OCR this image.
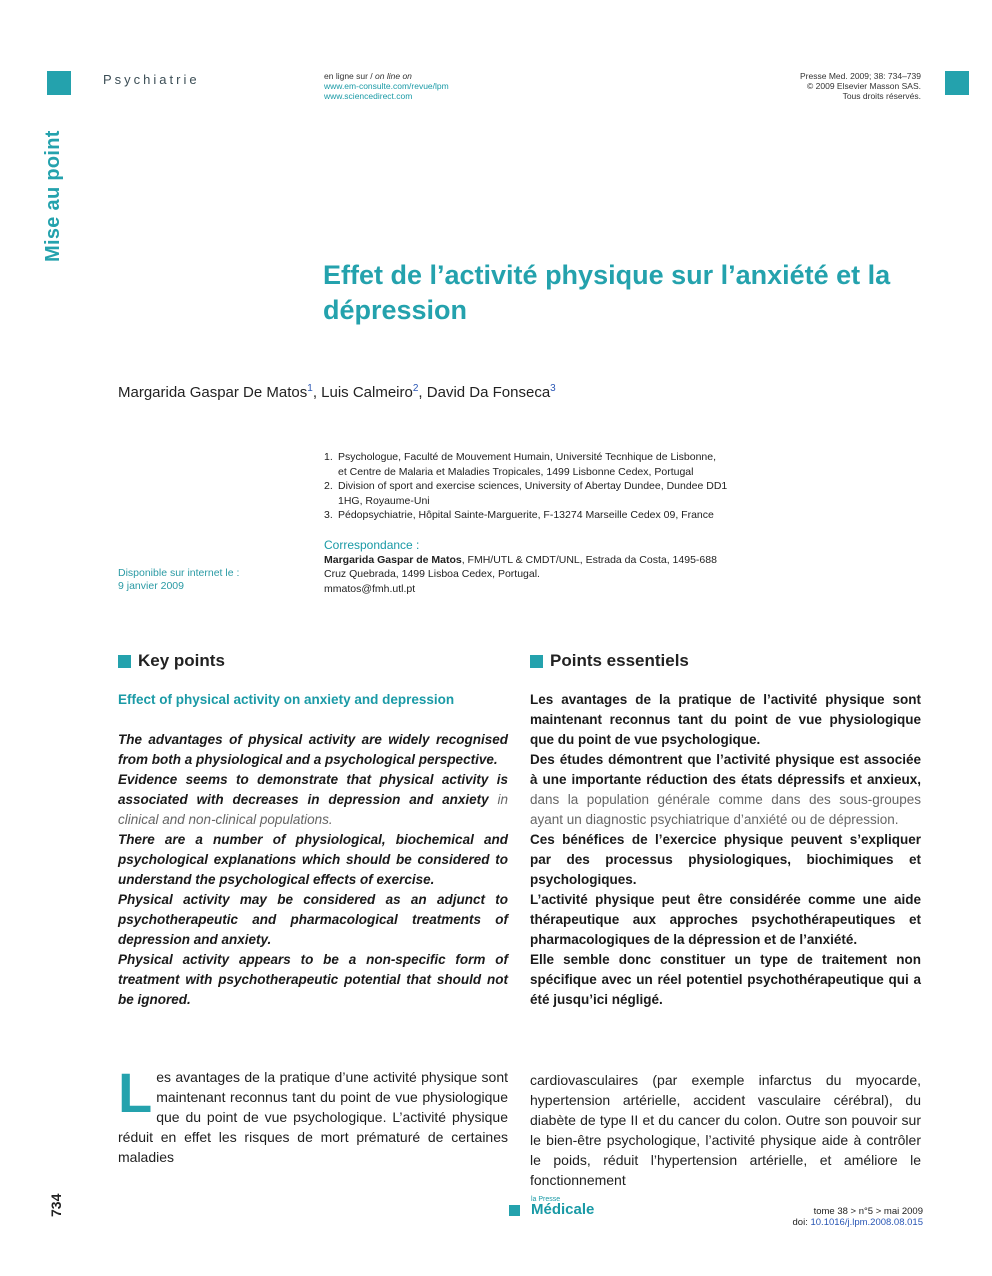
Psychiatrie	en ligne sur / on line on
www.em-consulte.com/revue/lpm
www.sciencedirect.com
Presse Med. 2009; 38: 734–739
© 2009 Elsevier Masson SAS.
Tous droits réservés.
Mise au point
Effet de l’activité physique sur l’anxiété et la dépression
Margarida Gaspar De Matos$^1$, Luis Calmeiro$^2$, David Da Fonseca$^3$
1. Psychologue, Faculté de Mouvement Humain, Université Tecnhique de Lisbonne,
et Centre de Malaria et Maladies Tropicales, 1499 Lisbonne Cedex, Portugal
2. Division of sport and exercise sciences, University of Abertay Dundee, Dundee DD1
1HG, Royaume-Uni
3. Pédopsychiatrie, Hôpital Sainte-Marguerite, F-13274 Marseille Cedex 09, France
Correspondance :
Margarida Gaspar de Matos, FMH/UTL & CMDT/UNL, Estrada da Costa, 1495-688
Cruz Quebrada, 1499 Lisboa Cedex, Portugal.
mmatos@fmh.utl.pt
Disponible sur internet le :
9 janvier 2009
Key points
Effect of physical activity on anxiety and depression

The advantages of physical activity are widely recognised from both a physiological and a psychological perspective.

Evidence seems to demonstrate that physical activity is associated with decreases in depression and anxiety in clinical and non-clinical populations.

There are a number of physiological, biochemical and psychological explanations which should be considered to understand the psychological effects of exercise.

Physical activity may be considered as an adjunct to psychotherapeutic and pharmacological treatments of depression and anxiety.

Physical activity appears to be a non-specific form of treatment with psychotherapeutic potential that should not be ignored.

Points essentiels

Les avantages de la pratique de l’activité physique sont maintenant reconnus tant du point de vue physiologique que du point de vue psychologique.

Des études démontrent que l’activité physique est associée à une importante réduction des états dépressifs et anxieux, dans la population générale comme dans des sous-groupes ayant un diagnostic psychiatrique d’anxiété ou de dépression.

Ces bénéfices de l’exercice physique peuvent s’expliquer par des processus physiologiques, biochimiques et psychologiques.

L’activité physique peut être considérée comme une aide thérapeutique aux approches psychothérapeutiques et pharmacologiques de la dépression et de l’anxiété.

Elle semble donc constituer un type de traitement non spécifique avec un réel potentiel psychothérapeutique qui a été jusqu’ici négligé.

Les avantages de la pratique d’une activité physique sont maintenant reconnus tant du point de vue physiologique que du point de vue psychologique. L’activité physique réduit en effet les risques de mort prématuré de certaines maladies
cardiovasculaires (par exemple infarctus du myocarde, hypertension artérielle, accident vasculaire cérébral), du diabète de type II et du cancer du colon. Outre son pouvoir sur le bien-être psychologique, l’activité physique aide à contrôler le poids, réduit l’hypertension artérielle, et améliore le fonctionnement
734	la Presse
Médicale	tome 38 > n°5 > mai 2009
doi: 10.1016/j.lpm.2008.08.015
